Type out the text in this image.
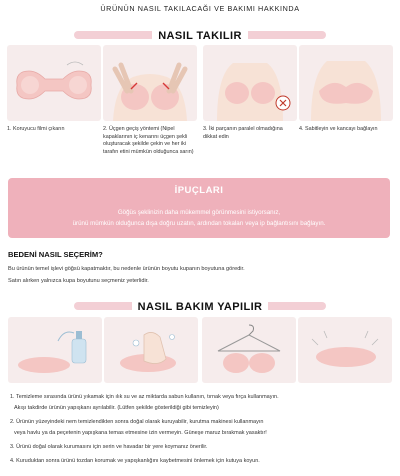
ÜRÜNÜN NASIL TAKILACAĞI VE BAKIMI HAKKINDA
NASIL TAKILIR
1. Koruyucu filmi çıkarın	2. Üçgen geçiş yöntemi (Nipel kapaklarının iç kenarını üçgen şekli oluşturacak şekilde çekin ve her iki tarafın etini mümkün olduğunca sarın)
3. İki parçanın paralel olmadığına dikkat edin
4. Sabitleyin ve kancayı bağlayın
İPUÇLARI
Göğüs şeklinizin daha mükemmel görünmesini istiyorsanız,
ürünü mümkün olduğunca dışa doğru uzatın, ardından tokaları veya ip bağlantısını bağlayın.
BEDENİ NASIL SEÇERİM?
Bu ürünün temel işlevi göğsü kapatmaktır, bu nedenle ürünün boyutu kupanın boyutuna göredir.
Satın alırken yalnızca kupa boyutunu seçmeniz yeterlidir.
NASIL BAKIM YAPILIR
1. Temizleme sırasında ürünü yıkamak için ılık su ve az miktarda sabun kullanın, tırnak veya fırça kullanmayın.
Akışı takdirde ürünün yapışkanı ayrılabilir. (Lütfen şekilde gösterildiği gibi temizleyin)
2. Ürünün yüzeyindeki nem temizlendikten sonra doğal olarak kuruyabilir, kurutma makinesi kullanmayın
veya havlu ya da peçetenin yapışkana temas etmesine izin vermeyin. Güneşe maruz bırakmak yasaktır!
3. Ürünü doğal olarak kurumasını için serin ve havadar bir yere koymanız önerilir.
4. Kuruduktan sonra ürünü tozdan korumak ve yapışkanlığını kaybetmesini önlemek için kutuya koyun.
